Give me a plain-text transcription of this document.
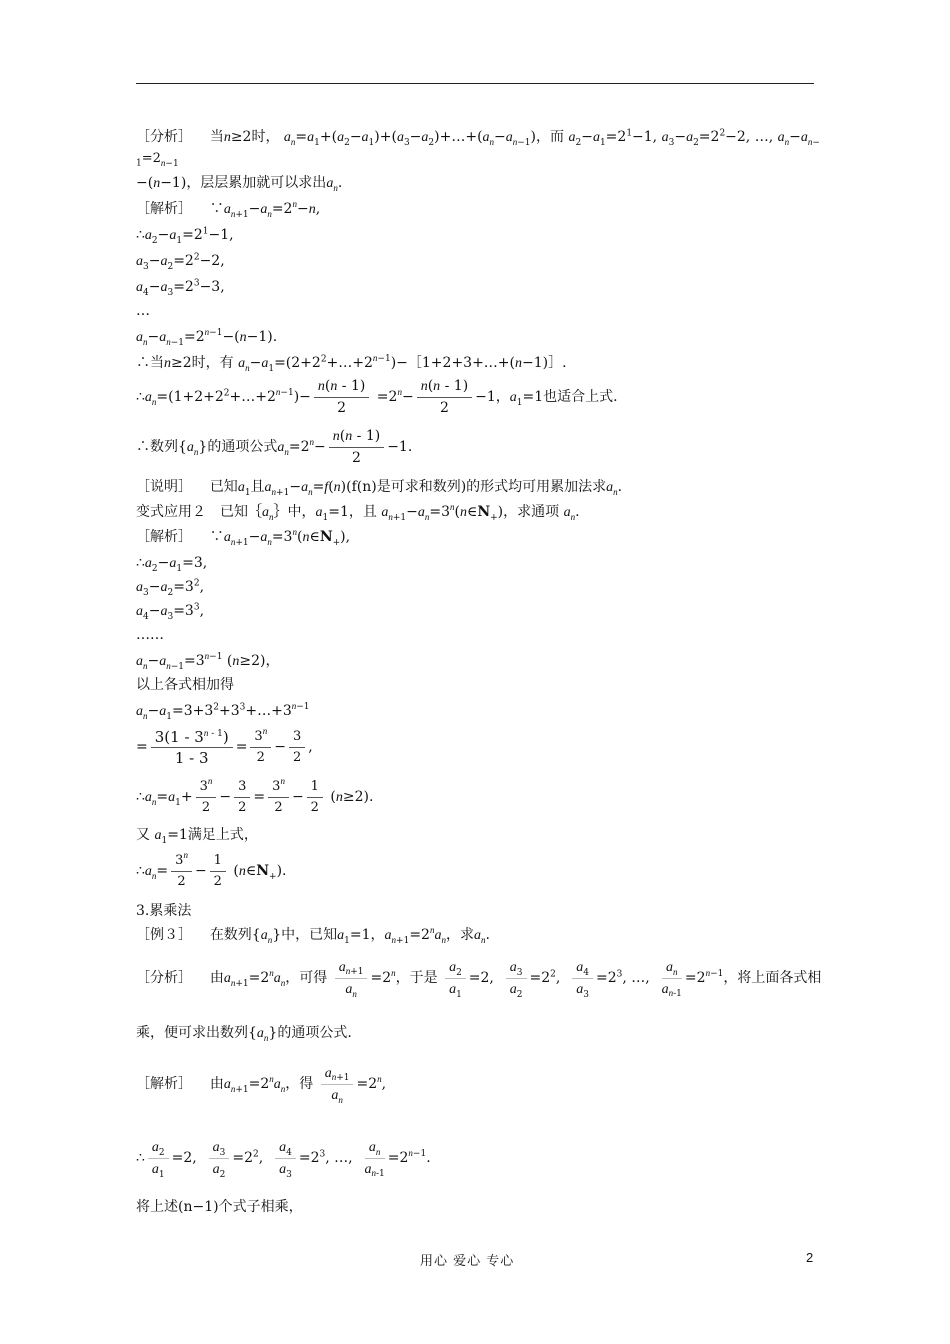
［分析］ 当n≥2时， $a_n=a_1+(a_2-a_1)+(a_3-a_2)+\dots+(a_n-a_{n-1})$，而 $a_2-a_1=2^1-1$, $a_3-a_2=2^2-2$, …, $a_n-a_{n-}$
$_1=2_{n-1}$
−(n−1)，层层累加就可以求出$a_n$.
［解析］    $\because a_{n+1}-a_n=2^n-n$,
$\therefore a_2-a_1=2^1-1$,
$a_3-a_2=2^2-2$,
$a_4-a_3=2^3-3$,
…
$a_n-a_{n-1}=2^{n-1}-(n-1)$.
∴当n≥2时，有 $a_n-a_1=(2+2^2+\dots+2^{n-1})-[1+2+3+\dots+(n-1)]$.
$\therefore a_n=(1+2+2^2+\dots+2^{n-1})- \frac{n(n - 1)}{2} =2^n- \frac{n(n - 1)}{2} -1$，$a_1=1$也适合上式.
∴数列$\{a_n\}$的通项公式$a_n=2^n- \frac{n(n - 1)}{2} -1$.
［说明］ 已知$a_1$且$a_{n+1}-a_n=f(n)(f(n)$是可求和数列)的形式均可用累加法求$a_n$.
变式应用２　已知$\{a_n\}$中，$a_1=1$，且 $a_{n+1}-a_n=3^n(n\in N_+)$，求通项 $a_n$.
［解析］    $\because a_{n+1}-a_n=3^n(n\in N_+)$,
$\therefore a_2-a_1=3$,
$a_3-a_2=3^2$,
$a_4-a_3=3^3$,
……
$a_n-a_{n-1}=3^{n-1}$ (n≥2)，
以上各式相加得
$a_n-a_1=3+3^2+3^3+\dots+3^{n-1}$
= $\frac{3(1 - 3^{n - 1})}{1 - 3} = \frac{3^n}{2} - \frac{3}{2}$ ,
$\therefore a_n=a_1+ \frac{3^n}{2} - \frac{3}{2} = \frac{3^n}{2} - \frac{1}{2} (n\ge 2)$.
又 $a_1=1$满足上式，
$\therefore a_n= \frac{3^n}{2} - \frac{1}{2}$ $(n\in N_+)$.
3.累乘法
［例３］ 在数列$\{a_n\}$中，已知$a_1=1$，$a_{n+1}=2^na_n$，求$a_n$.
［分析］ 由$a_{n+1}=2^na_n$，可得 $\frac{a_{n+1}}{a_n} =2^n$，于是 $\frac{a_2}{a_1} =2$, $\frac{a_3}{a_2} =2^2$, $\frac{a_4}{a_3} =2^3$, …, $\frac{a_n}{a_{n-1}} =2^{n-1}$，将上面各式相
乘，便可求出数列$\{a_n\}$的通项公式.
［解析］ 由$a_{n+1}=2^na_n$，得 $\frac{a_{n+1}}{a_n} =2^n$,
∴ $\frac{a_2}{a_1} =2$, $\frac{a_3}{a_2} =2^2$, $\frac{a_4}{a_3} =2^3$, …, $\frac{a_n}{a_{n-1}} =2^{n-1}$.
将上述(n−1)个式子相乘，
用心 爱心 专心	2
